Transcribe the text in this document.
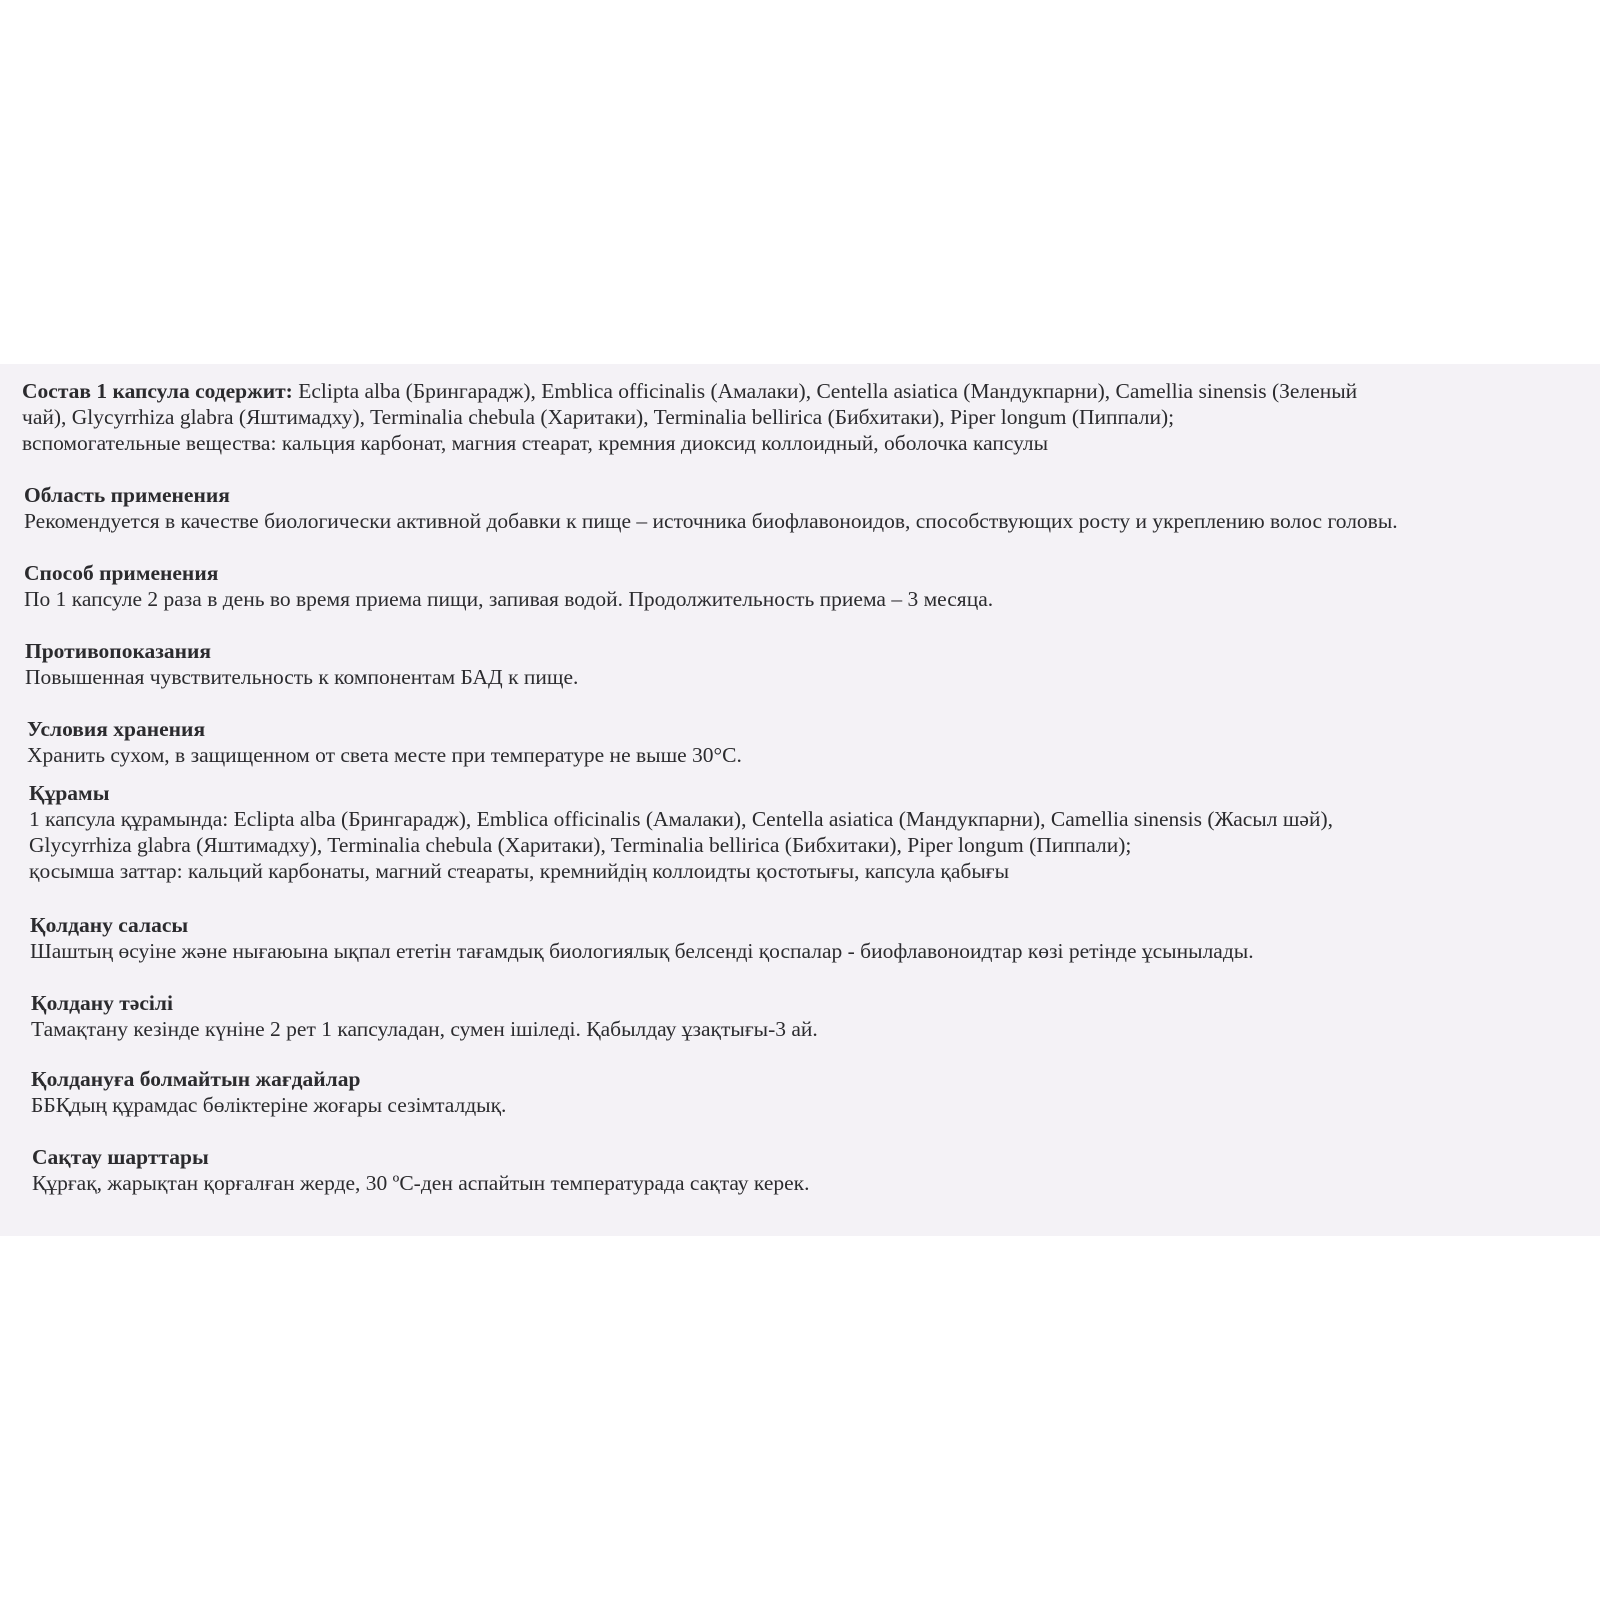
Состав 1 капсула содержит: Eclipta alba (Брингарадж), Emblica officinalis (Амалаки), Centella asiatica (Мандукпарни), Camellia sinensis (Зеленый

чай), Glycyrrhiza glabra (Яштимадху), Terminalia chebula (Харитаки), Terminalia bellirica (Бибхитаки), Piper longum (Пиппали);

вспомогательные вещества: кальция карбонат, магния стеарат, кремния диоксид коллоидный, оболочка капсулы

Область применения

Рекомендуется в качестве биологически активной добавки к пище – источника биофлавоноидов, способствующих росту и укреплению волос головы.

Способ применения

По 1 капсуле 2 раза в день во время приема пищи, запивая водой. Продолжительность приема – 3 месяца.

Противопоказания

Повышенная чувствительность к компонентам БАД к пище.

Условия хранения

Хранить сухом, в защищенном от света месте при температуре не выше 30°С.

Құрамы

1 капсула құрамында: Eclipta alba (Брингарадж), Emblica officinalis (Амалаки), Centella asiatica (Мандукпарни), Camellia sinensis (Жасыл шәй),

Glycyrrhiza glabra (Яштимадху), Terminalia chebula (Харитаки), Terminalia bellirica (Бибхитаки), Piper longum (Пиппали);

қосымша заттар: кальций карбонаты, магний стеараты, кремнийдің коллоидты қостотығы, капсула қабығы

Қолдану саласы

Шаштың өсуіне және нығаюына ықпал ететін тағамдық биологиялық белсенді қоспалар - биофлавоноидтар көзі ретінде ұсынылады.

Қолдану тәсілі

Тамақтану кезінде күніне 2 рет 1 капсуладан, сумен ішіледі. Қабылдау ұзақтығы-3 ай.

Қолдануға болмайтын жағдайлар

ББҚдың құрамдас бөліктеріне жоғары сезімталдық.

Сақтау шарттары

Құрғақ, жарықтан қорғалған жерде, 30 ºС-ден аспайтын температурада сақтау керек.
